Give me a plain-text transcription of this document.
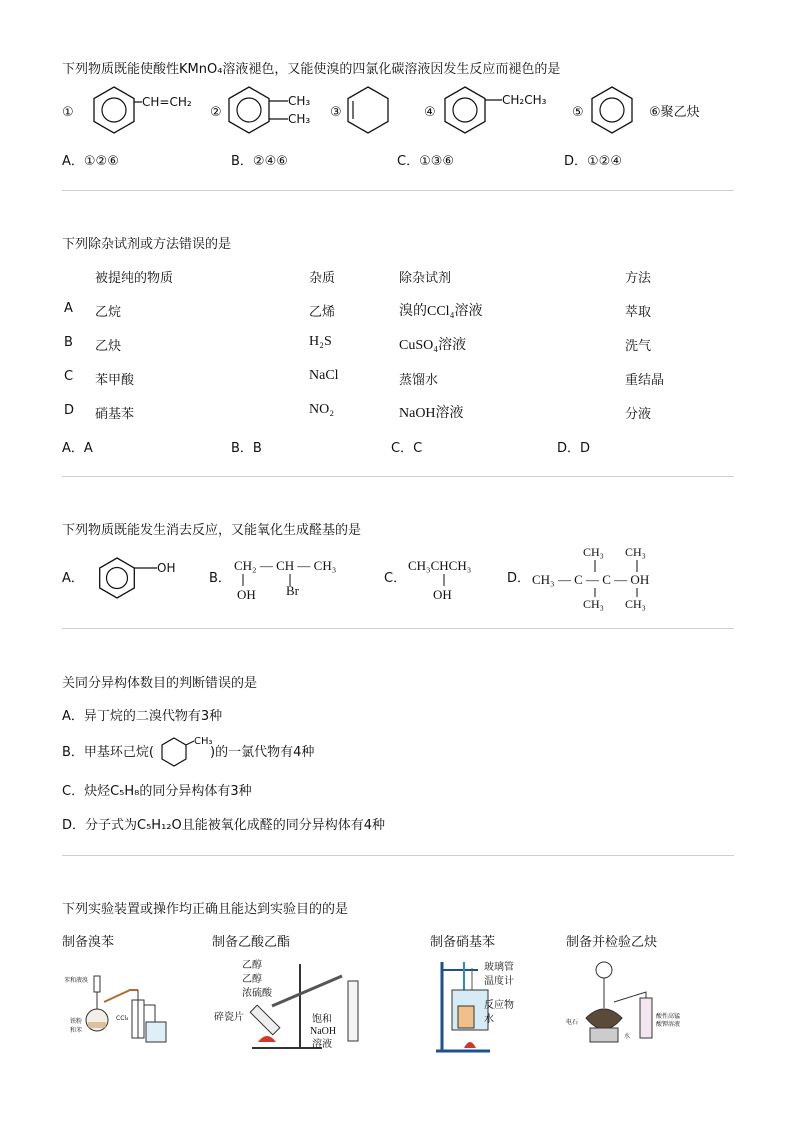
下列物质既能使酸性KMnO₄溶液褪色，又能使溴的四氯化碳溶液因发生反应而褪色的是
①
CH=CH₂
②
CH₃
CH₃ ③	④
CH₂CH₃
⑤	⑥聚乙炔
A．①②⑥	B．②④⑥	C．①③⑥	D．①②④
下列除杂试剂或方法错误的是
被提纯的物质	杂质	除杂试剂	方法
A 乙烷	乙烯	溴的CCl₄溶液	萃取
B 乙炔	H₂S	CuSO₄溶液	洗气
C 苯甲酸	NaCl	蒸馏水	重结晶
D 硝基苯	NO₂	NaOH溶液	分液
A．A	B．B	C．C	D．D
下列物质既能发生消去反应，又能氧化生成醛基的是
A．
OH
B．
CH₂ — CH — CH₃
OH Br
C．
CH₃CHCH₃
OH
D． CH₃ — C — C — OH
CH₃ CH₃
CH₃ CH₃
关同分异构体数目的判断错误的是
A．异丁烷的二溴代物有3种
B．甲基环己烷(
CH₃
)的一氯代物有4种
C．炔烃C₅H₈的同分异构体有3种
D．分子式为C₅H₁₂O且能被氧化成醛的同分异构体有4种
下列实验装置或操作均正确且能达到实验目的的是
制备溴苯	制备乙酸乙酯	制备硝基苯	制备并检验乙炔
苯和液溴
铁粉
和苯
CCl₄
乙醇
乙醇
浓硫酸
碎瓷片	饱和
NaOH
溶液
玻璃管
温度计
反应物
水	电石
水
酸性高锰
酸钾溶液
